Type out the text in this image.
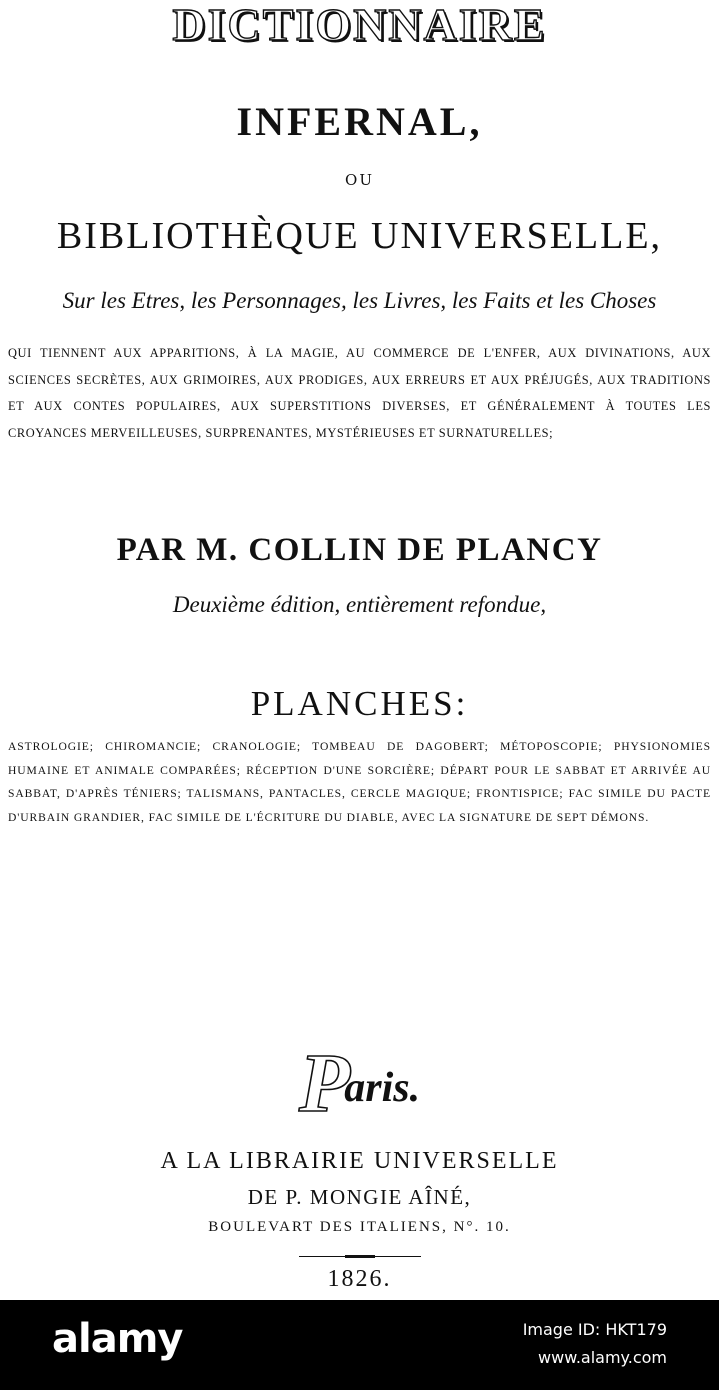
DICTIONNAIRE
INFERNAL,
OU
BIBLIOTHÈQUE UNIVERSELLE,
Sur les Etres, les Personnages, les Livres, les Faits et les Choses
QUI TIENNENT AUX APPARITIONS, À LA MAGIE, AU COMMERCE DE L'ENFER, AUX DIVINATIONS, AUX SCIENCES SECRÈTES, AUX GRIMOIRES, AUX PRODIGES, AUX ERREURS ET AUX PRÉJUGÉS, AUX TRADITIONS ET AUX CONTES POPULAIRES, AUX SUPERSTITIONS DIVERSES, ET GÉNÉRALEMENT À TOUTES LES CROYANCES MERVEILLEUSES, SURPRENANTES, MYSTÉRIEUSES ET SURNATURELLES;
PAR M. COLLIN DE PLANCY
Deuxième édition, entièrement refondue,
PLANCHES:
ASTROLOGIE; CHIROMANCIE; CRANOLOGIE; TOMBEAU DE DAGOBERT; MÉTOPOSCOPIE; PHYSIONOMIES HUMAINE ET ANIMALE COMPARÉES; RÉCEPTION D'UNE SORCIÈRE; DÉPART POUR LE SABBAT ET ARRIVÉE AU SABBAT, D'APRÈS TÉNIERS; TALISMANS, PANTACLES, CERCLE MAGIQUE; FRONTISPICE; FAC SIMILE DU PACTE D'URBAIN GRANDIER, FAC SIMILE DE L'ÉCRITURE DU DIABLE, AVEC LA SIGNATURE DE SEPT DÉMONS.
Paris.
A LA LIBRAIRIE UNIVERSELLE
DE P. MONGIE AÎNÉ,
BOULEVART DES ITALIENS, N°. 10.
1826.
alamy	Image ID: HKT179
www.alamy.com
